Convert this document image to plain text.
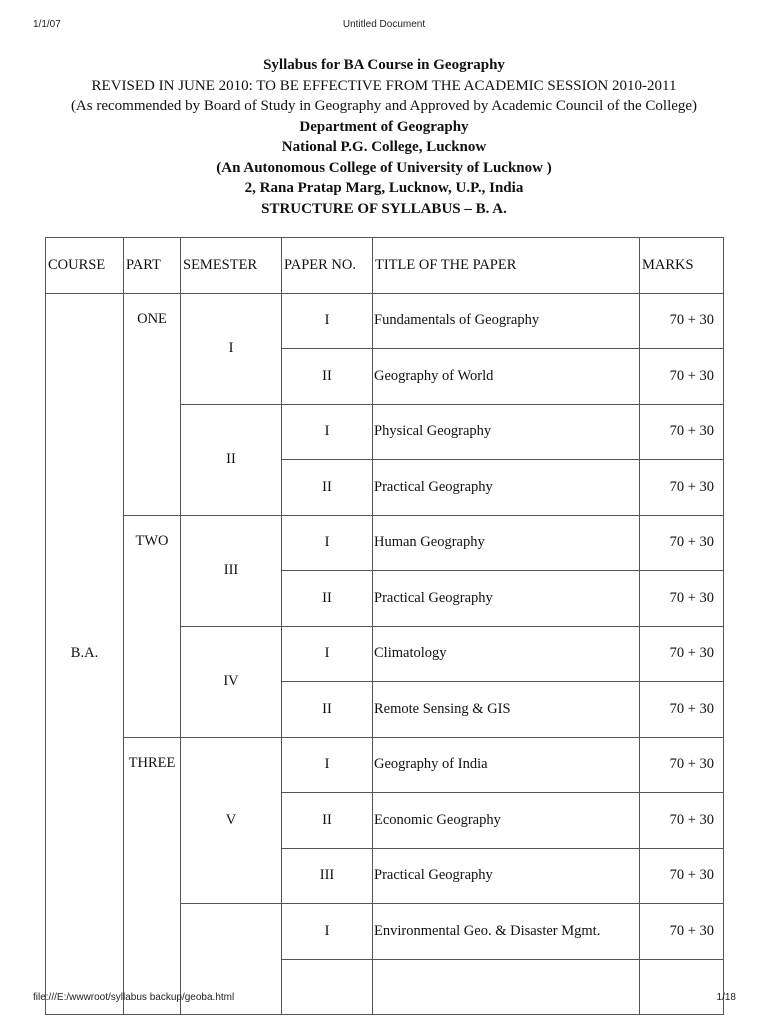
1/1/07	Untitled Document
Syllabus for BA Course in Geography
REVISED IN JUNE 2010: TO BE EFFECTIVE FROM THE ACADEMIC SESSION 2010-2011
(As recommended by Board of Study in Geography and Approved by Academic Council of the College)
Department of Geography
National P.G. College, Lucknow
(An Autonomous College of University of Lucknow )
2, Rana Pratap Marg, Lucknow, U.P., India
STRUCTURE OF SYLLABUS – B. A.
COURSE	PART	SEMESTER	PAPER NO.	TITLE OF THE PAPER	MARKS
B.A.	ONE	I	I	Fundamentals of Geography	70 + 30
			II	Geography of World	70 + 30
		II	I	Physical Geography	70 + 30
			II	Practical Geography	70 + 30
	TWO	III	I	Human Geography	70 + 30
			II	Practical Geography	70 + 30
		IV	I	Climatology	70 + 30
			II	Remote Sensing & GIS	70 + 30
	THREE	V	I	Geography of India	70 + 30
			II	Economic Geography	70 + 30
			III	Practical Geography	70 + 30
			I	Environmental Geo. & Disaster Mgmt.	70 + 30

file:///E:/wwwroot/syllabus backup/geoba.html	1/18
